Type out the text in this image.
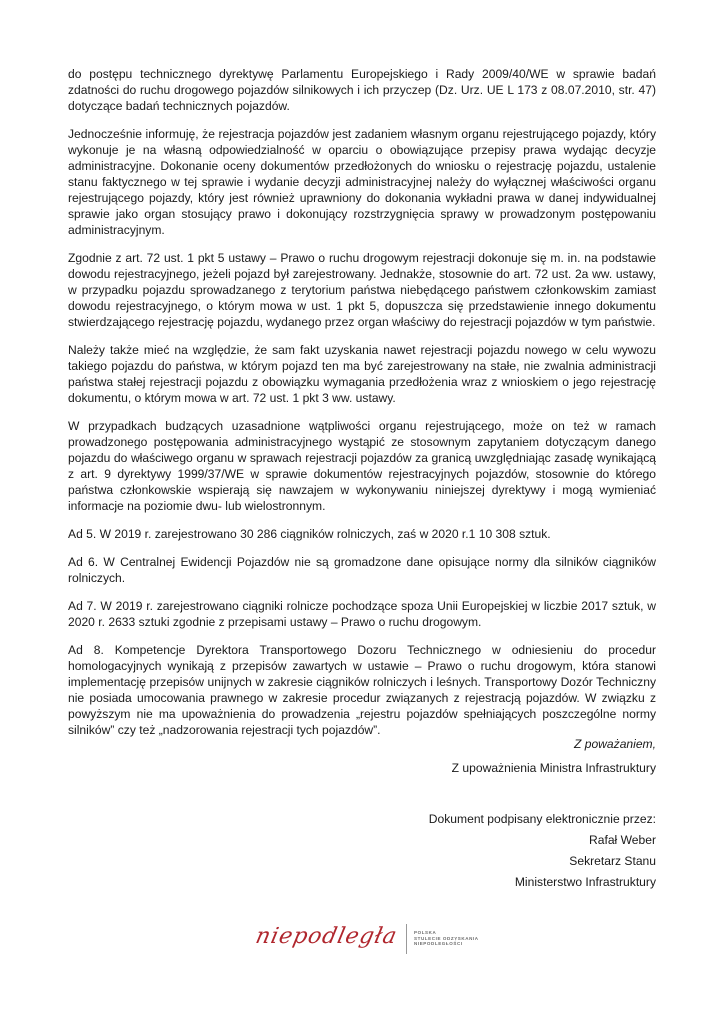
do postępu technicznego dyrektywę Parlamentu Europejskiego i Rady 2009/40/WE w sprawie badań zdatności do ruchu drogowego pojazdów silnikowych i ich przyczep (Dz. Urz. UE L 173 z 08.07.2010, str. 47) dotyczące badań technicznych pojazdów.

Jednocześnie informuję, że rejestracja pojazdów jest zadaniem własnym organu rejestrującego pojazdy, który wykonuje je na własną odpowiedzialność w oparciu o obowiązujące przepisy prawa wydając decyzje administracyjne. Dokonanie oceny dokumentów przedłożonych do wniosku o rejestrację pojazdu, ustalenie stanu faktycznego w tej sprawie i wydanie decyzji administracyjnej należy do wyłącznej właściwości organu rejestrującego pojazdy, który jest również uprawniony do dokonania wykładni prawa w danej indywidualnej sprawie jako organ stosujący prawo i dokonujący rozstrzygnięcia sprawy w prowadzonym postępowaniu administracyjnym.

Zgodnie z art. 72 ust. 1 pkt 5 ustawy – Prawo o ruchu drogowym rejestracji dokonuje się m. in. na podstawie dowodu rejestracyjnego, jeżeli pojazd był zarejestrowany. Jednakże, stosownie do art. 72 ust. 2a ww. ustawy, w przypadku pojazdu sprowadzanego z terytorium państwa niebędącego państwem członkowskim zamiast dowodu rejestracyjnego, o którym mowa w ust. 1 pkt 5, dopuszcza się przedstawienie innego dokumentu stwierdzającego rejestrację pojazdu, wydanego przez organ właściwy do rejestracji pojazdów w tym państwie.

Należy także mieć na względzie, że sam fakt uzyskania nawet rejestracji pojazdu nowego w celu wywozu takiego pojazdu do państwa, w którym pojazd ten ma być zarejestrowany na stałe, nie zwalnia administracji państwa stałej rejestracji pojazdu z obowiązku wymagania przedłożenia wraz z wnioskiem o jego rejestrację dokumentu, o którym mowa w art. 72 ust. 1 pkt 3 ww. ustawy.

W przypadkach budzących uzasadnione wątpliwości organu rejestrującego, może on też w ramach prowadzonego postępowania administracyjnego wystąpić ze stosownym zapytaniem dotyczącym danego pojazdu do właściwego organu w sprawach rejestracji pojazdów za granicą uwzględniając zasadę wynikającą z art. 9 dyrektywy 1999/37/WE w sprawie dokumentów rejestracyjnych pojazdów, stosownie do którego państwa członkowskie wspierają się nawzajem w wykonywaniu niniejszej dyrektywy i mogą wymieniać informacje na poziomie dwu- lub wielostronnym.

Ad 5. W 2019 r. zarejestrowano 30 286 ciągników rolniczych, zaś w 2020 r.1 10 308 sztuk.

Ad 6. W Centralnej Ewidencji Pojazdów nie są gromadzone dane opisujące normy dla silników ciągników rolniczych.

Ad 7. W 2019 r. zarejestrowano ciągniki rolnicze pochodzące spoza Unii Europejskiej w liczbie 2017 sztuk, w 2020 r. 2633 sztuki zgodnie z przepisami ustawy – Prawo o ruchu drogowym.

Ad 8. Kompetencje Dyrektora Transportowego Dozoru Technicznego w odniesieniu do procedur homologacyjnych wynikają z przepisów zawartych w ustawie – Prawo o ruchu drogowym, która stanowi implementację przepisów unijnych w zakresie ciągników rolniczych i leśnych. Transportowy Dozór Techniczny nie posiada umocowania prawnego w zakresie procedur związanych z rejestracją pojazdów. W związku z powyższym nie ma upoważnienia do prowadzenia „rejestru pojazdów spełniających poszczególne normy silników” czy też „nadzorowania rejestracji tych pojazdów”.

Z poważaniem,
Z upoważnienia Ministra Infrastruktury
Dokument podpisany elektronicznie przez:
Rafał Weber
Sekretarz Stanu
Ministerstwo Infrastruktury
niepodległa	POLSKA
STULECIE ODZYSKANIA
NIEPODLEGŁOŚCI
